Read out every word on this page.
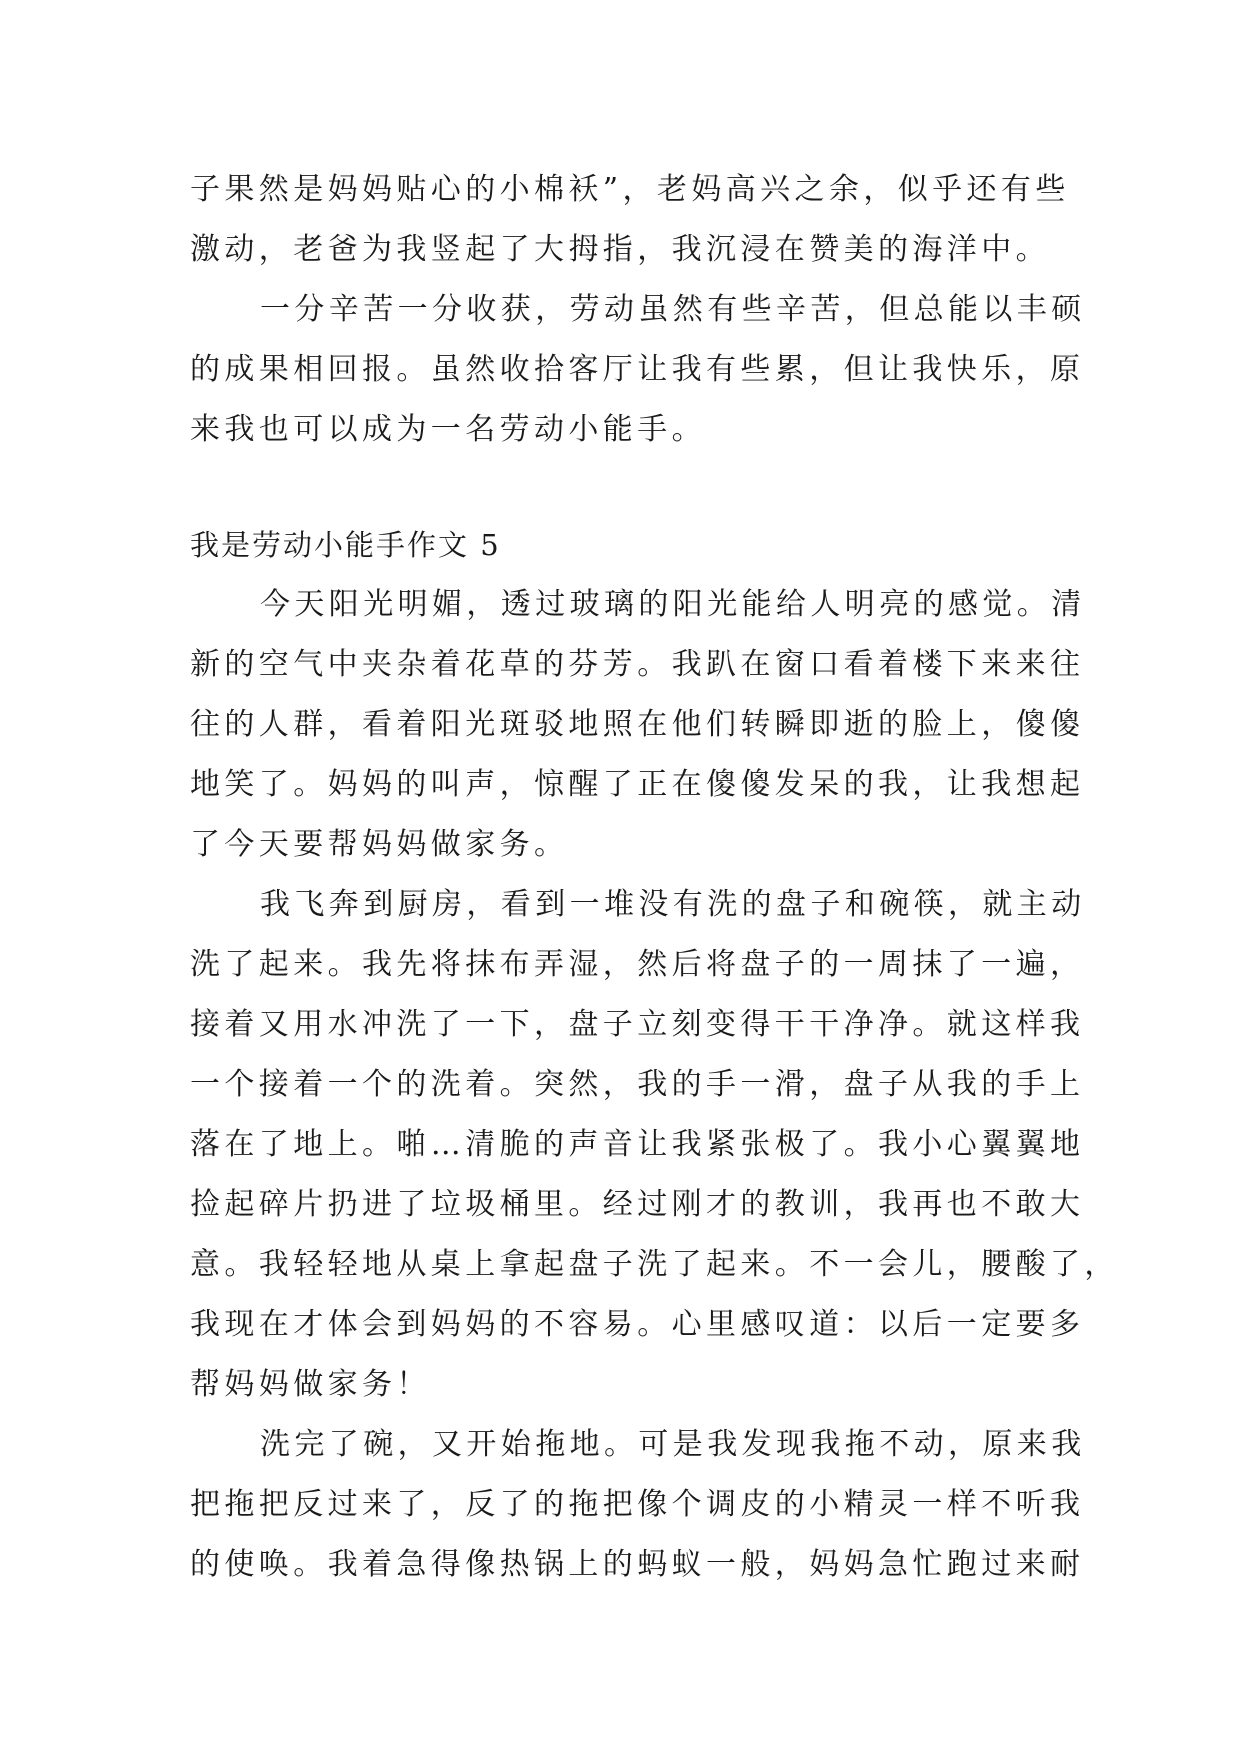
子果然是妈妈贴心的小棉袄”，老妈高兴之余，似乎还有些
激动，老爸为我竖起了大拇指，我沉浸在赞美的海洋中。
一分辛苦一分收获，劳动虽然有些辛苦，但总能以丰硕
的成果相回报。虽然收拾客厅让我有些累，但让我快乐，原
来我也可以成为一名劳动小能手。
我是劳动小能手作文 5
今天阳光明媚，透过玻璃的阳光能给人明亮的感觉。清
新的空气中夹杂着花草的芬芳。我趴在窗口看着楼下来来往
往的人群，看着阳光斑驳地照在他们转瞬即逝的脸上，傻傻
地笑了。妈妈的叫声，惊醒了正在傻傻发呆的我，让我想起
了今天要帮妈妈做家务。
我飞奔到厨房，看到一堆没有洗的盘子和碗筷，就主动
洗了起来。我先将抹布弄湿，然后将盘子的一周抹了一遍，
接着又用水冲洗了一下，盘子立刻变得干干净净。就这样我
一个接着一个的洗着。突然，我的手一滑，盘子从我的手上
落在了地上。啪…清脆的声音让我紧张极了。我小心翼翼地
捡起碎片扔进了垃圾桶里。经过刚才的教训，我再也不敢大
意。我轻轻地从桌上拿起盘子洗了起来。不一会儿，腰酸了，
我现在才体会到妈妈的不容易。心里感叹道：以后一定要多
帮妈妈做家务！
洗完了碗，又开始拖地。可是我发现我拖不动，原来我
把拖把反过来了，反了的拖把像个调皮的小精灵一样不听我
的使唤。我着急得像热锅上的蚂蚁一般，妈妈急忙跑过来耐
